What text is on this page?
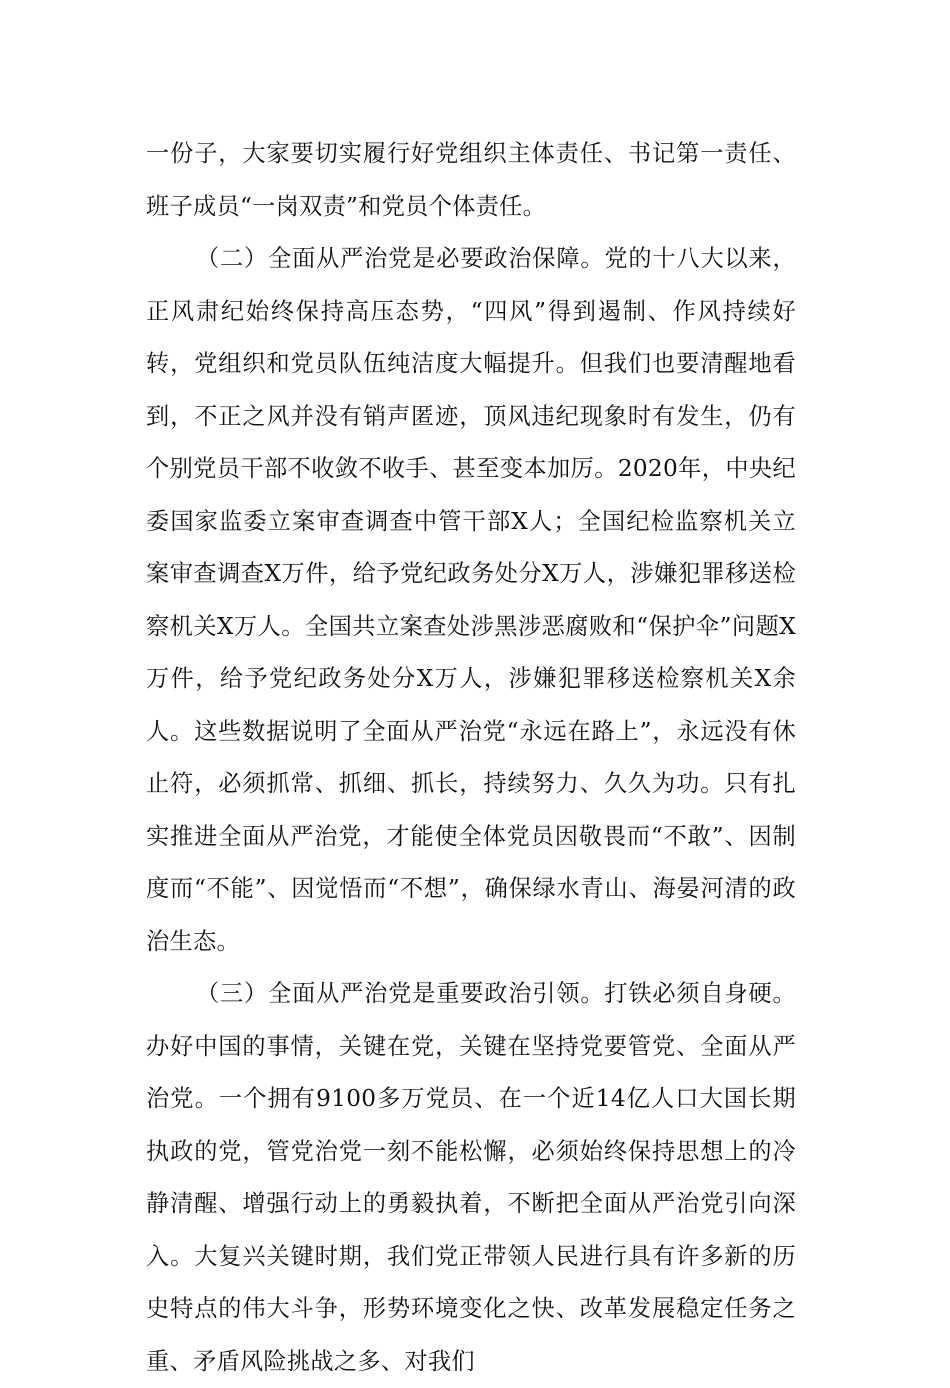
一份子，大家要切实履行好党组织主体责任、书记第一责任、班子成员“一岗双责”和党员个体责任。

（二）全面从严治党是必要政治保障。党的十八大以来，正风肃纪始终保持高压态势，“四风”得到遏制、作风持续好转，党组织和党员队伍纯洁度大幅提升。但我们也要清醒地看到，不正之风并没有销声匿迹，顶风违纪现象时有发生，仍有个别党员干部不收敛不收手、甚至变本加厉。2020年，中央纪委国家监委立案审查调查中管干部X人；全国纪检监察机关立案审查调查X万件，给予党纪政务处分X万人，涉嫌犯罪移送检察机关X万人。全国共立案查处涉黑涉恶腐败和“保护伞”问题X万件，给予党纪政务处分X万人，涉嫌犯罪移送检察机关X余人。这些数据说明了全面从严治党“永远在路上”，永远没有休止符，必须抓常、抓细、抓长，持续努力、久久为功。只有扎实推进全面从严治党，才能使全体党员因敬畏而“不敢”、因制度而“不能”、因觉悟而“不想”，确保绿水青山、海晏河清的政治生态。

（三）全面从严治党是重要政治引领。打铁必须自身硬。办好中国的事情，关键在党，关键在坚持党要管党、全面从严治党。一个拥有9100多万党员、在一个近14亿人口大国长期执政的党，管党治党一刻不能松懈，必须始终保持思想上的冷静清醒、增强行动上的勇毅执着，不断把全面从严治党引向深入。大复兴关键时期，我们党正带领人民进行具有许多新的历史特点的伟大斗争，形势环境变化之快、改革发展稳定任务之重、矛盾风险挑战之多、对我们
